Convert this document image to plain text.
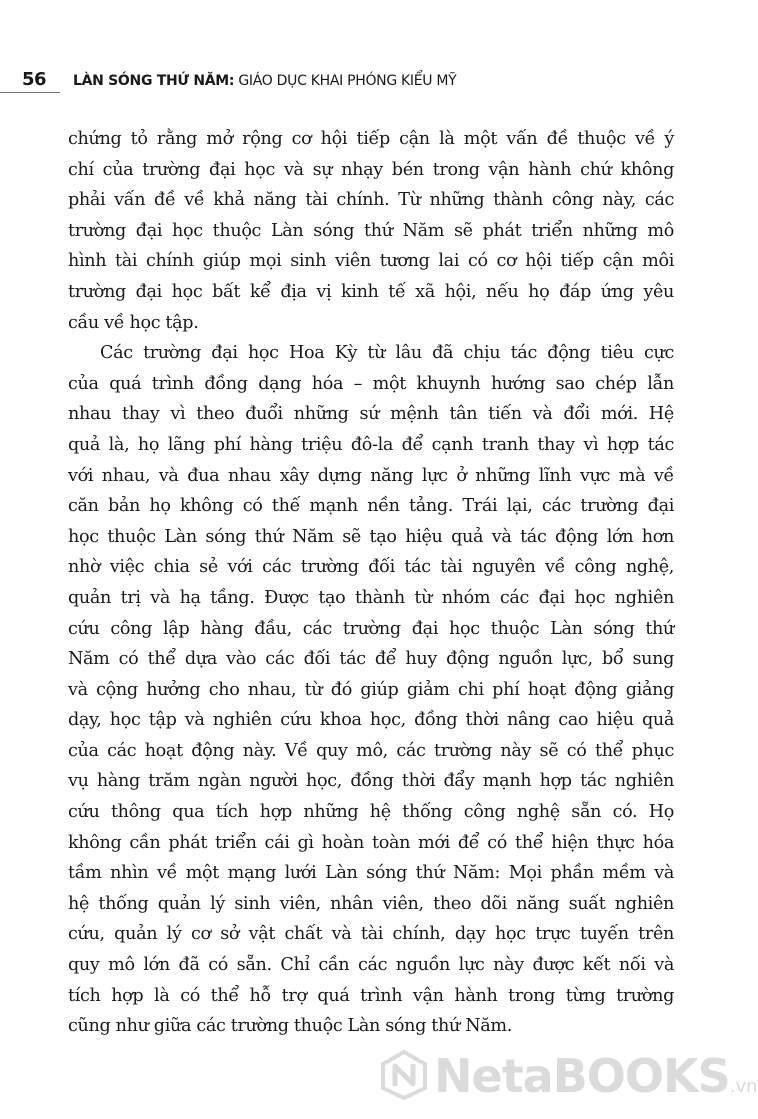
56 LÀN SÓNG THỨ NĂM: GIÁO DỤC KHAI PHÓNG KIỂU MỸ

chứng tỏ rằng mở rộng cơ hội tiếp cận là một vấn đề thuộc về ý
chí của trường đại học và sự nhạy bén trong vận hành chứ không
phải vấn đề về khả năng tài chính. Từ những thành công này, các
trường đại học thuộc Làn sóng thứ Năm sẽ phát triển những mô
hình tài chính giúp mọi sinh viên tương lai có cơ hội tiếp cận môi
trường đại học bất kể địa vị kinh tế xã hội, nếu họ đáp ứng yêu
cầu về học tập.

Các trường đại học Hoa Kỳ từ lâu đã chịu tác động tiêu cực
của quá trình đồng dạng hóa – một khuynh hướng sao chép lẫn
nhau thay vì theo đuổi những sứ mệnh tân tiến và đổi mới. Hệ
quả là, họ lãng phí hàng triệu đô-la để cạnh tranh thay vì hợp tác
với nhau, và đua nhau xây dựng năng lực ở những lĩnh vực mà về
căn bản họ không có thế mạnh nền tảng. Trái lại, các trường đại
học thuộc Làn sóng thứ Năm sẽ tạo hiệu quả và tác động lớn hơn
nhờ việc chia sẻ với các trường đối tác tài nguyên về công nghệ,
quản trị và hạ tầng. Được tạo thành từ nhóm các đại học nghiên
cứu công lập hàng đầu, các trường đại học thuộc Làn sóng thứ
Năm có thể dựa vào các đối tác để huy động nguồn lực, bổ sung
và cộng hưởng cho nhau, từ đó giúp giảm chi phí hoạt động giảng
dạy, học tập và nghiên cứu khoa học, đồng thời nâng cao hiệu quả
của các hoạt động này. Về quy mô, các trường này sẽ có thể phục
vụ hàng trăm ngàn người học, đồng thời đẩy mạnh hợp tác nghiên
cứu thông qua tích hợp những hệ thống công nghệ sẵn có. Họ
không cần phát triển cái gì hoàn toàn mới để có thể hiện thực hóa
tầm nhìn về một mạng lưới Làn sóng thứ Năm: Mọi phần mềm và
hệ thống quản lý sinh viên, nhân viên, theo dõi năng suất nghiên
cứu, quản lý cơ sở vật chất và tài chính, dạy học trực tuyến trên
quy mô lớn đã có sẵn. Chỉ cần các nguồn lực này được kết nối và
tích hợp là có thể hỗ trợ quá trình vận hành trong từng trường
cũng như giữa các trường thuộc Làn sóng thứ Năm.

NetaBOOKS.vn
